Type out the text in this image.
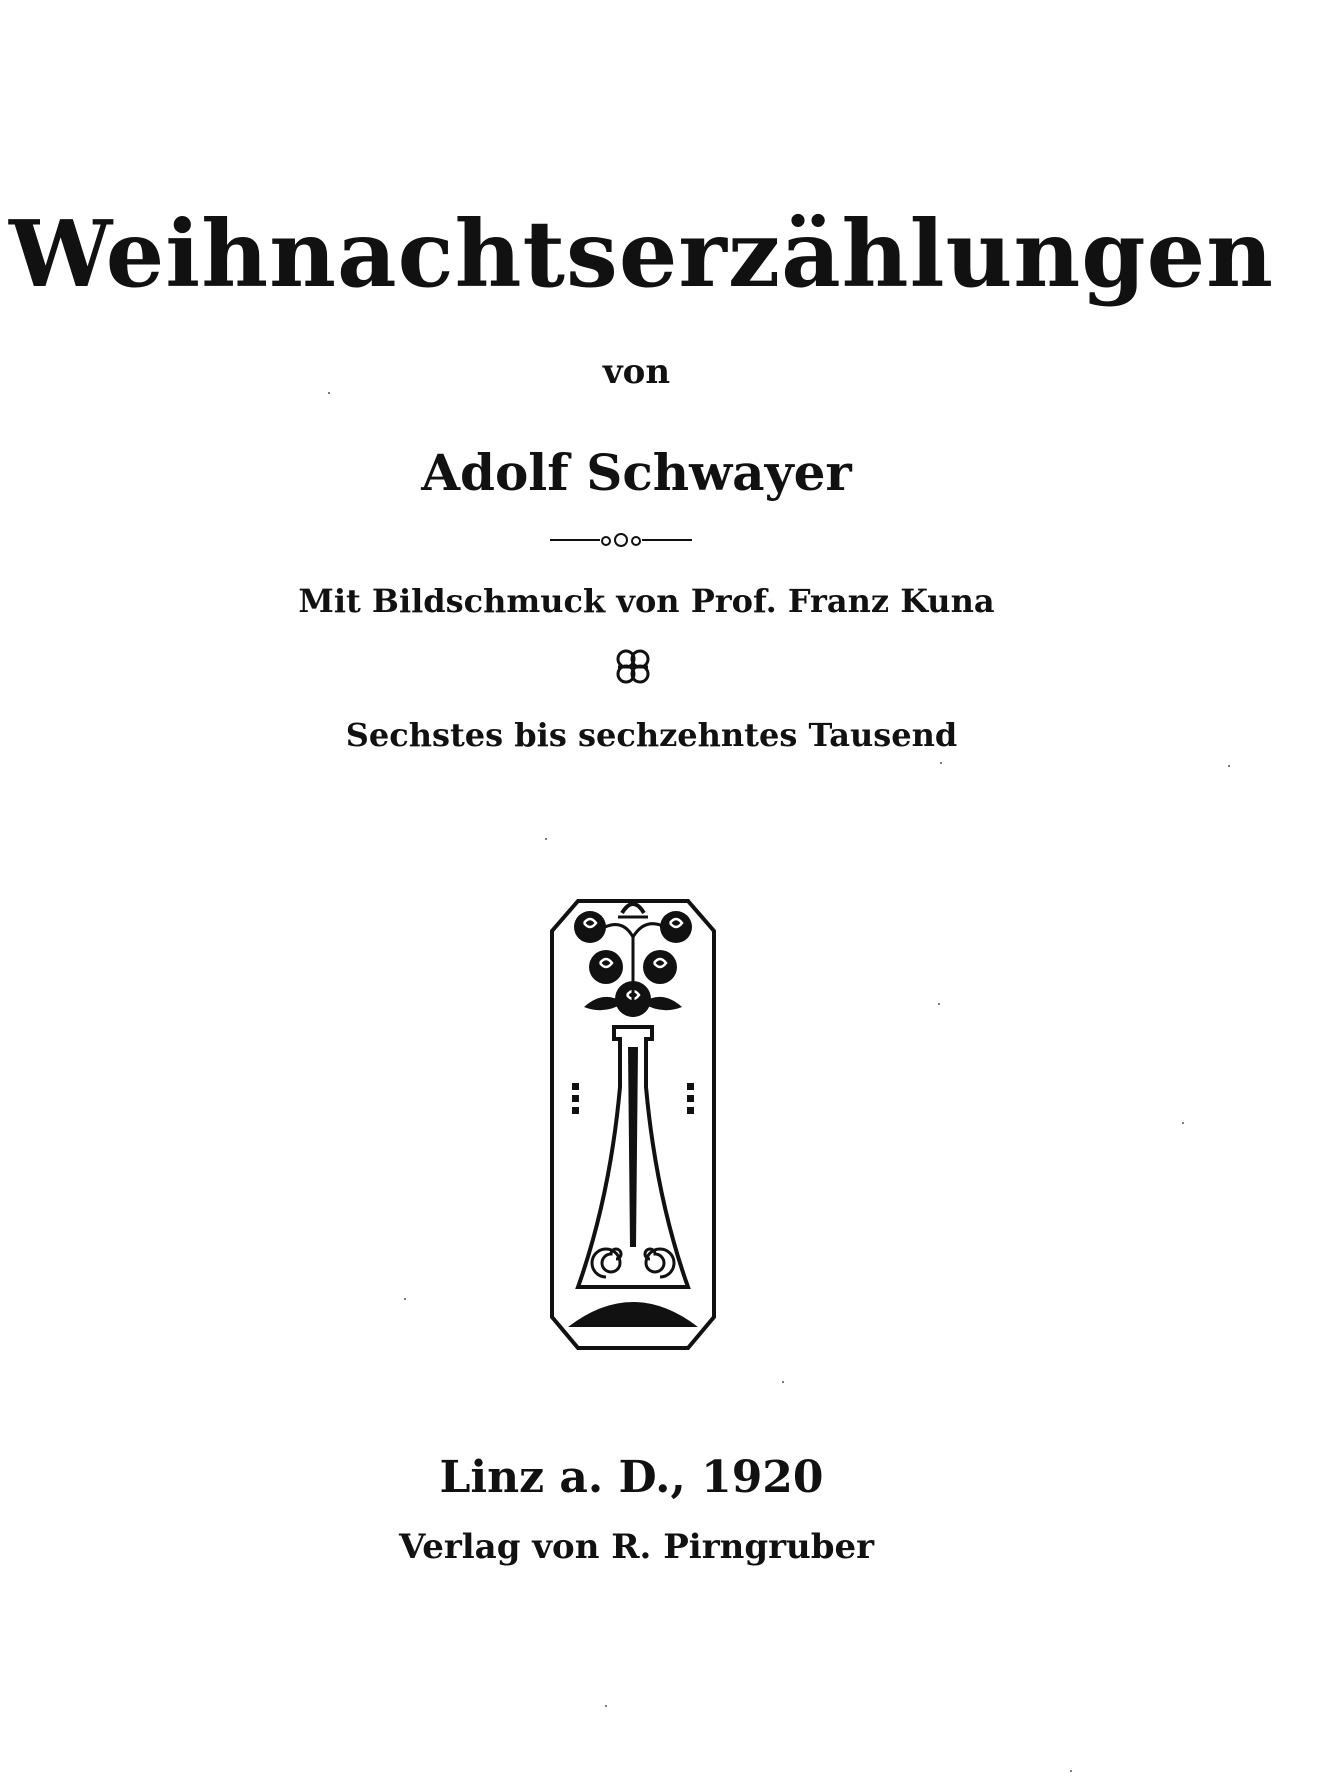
Weihnachtserzählungen
von
Adolf Schwayer
Mit Bildschmuck von Prof. Franz Kuna
Sechstes bis sechzehntes Tausend
Linz a. D., 1920
Verlag von R. Pirngruber
